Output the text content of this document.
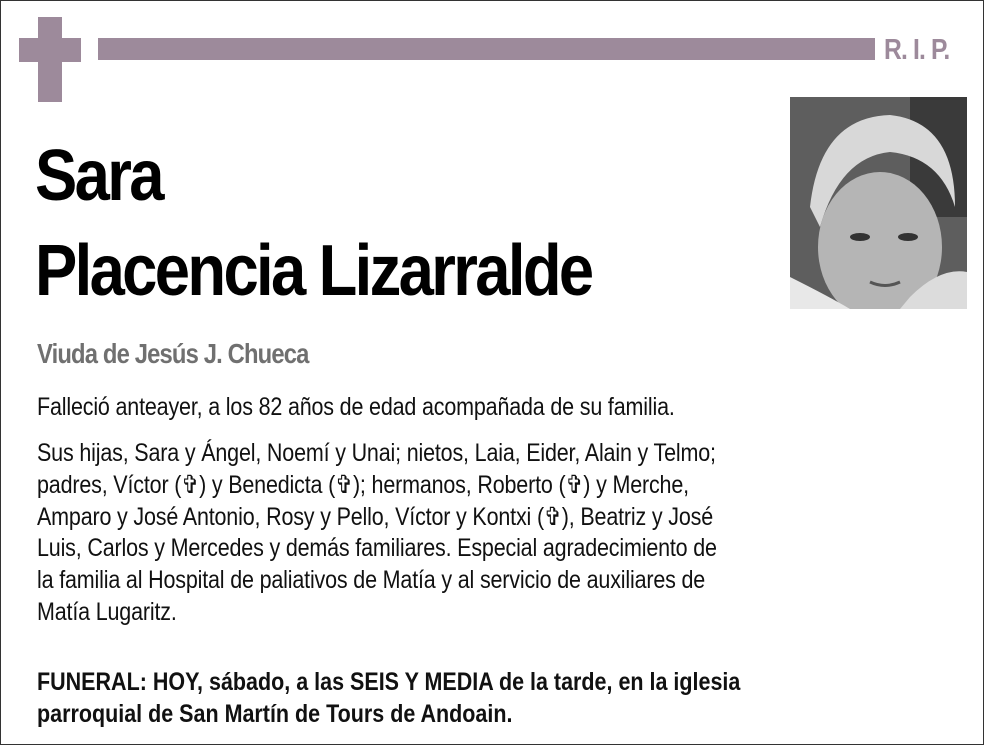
R. I. P.
Sara
Placencia Lizarralde
Viuda de Jesús J. Chueca
Falleció anteayer, a los 82 años de edad acompañada de su familia.
Sus hijas, Sara y Ángel, Noemí y Unai; nietos, Laia, Eider, Alain y Telmo;
padres, Víctor (✞) y Benedicta (✞); hermanos, Roberto (✞) y Merche,
Amparo y José Antonio, Rosy y Pello, Víctor y Kontxi (✞), Beatriz y José
Luis, Carlos y Mercedes y demás familiares. Especial agradecimiento de
la familia al Hospital de paliativos de Matía y al servicio de auxiliares de
Matía Lugaritz.
FUNERAL: HOY, sábado, a las SEIS Y MEDIA de la tarde, en la iglesia
parroquial de San Martín de Tours de Andoain.
